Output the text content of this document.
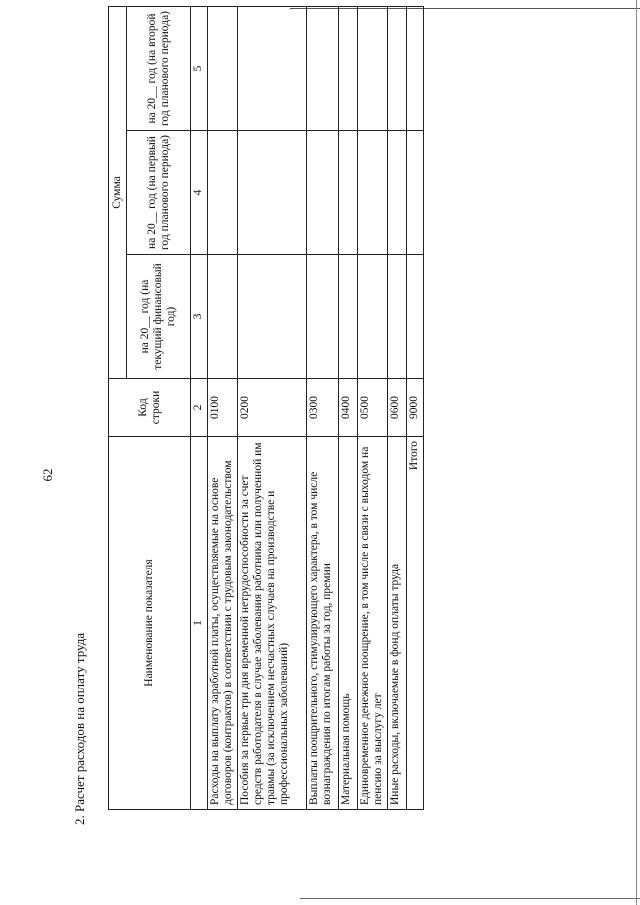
62
2. Расчет расходов на оплату труда
Наименование показателя	Код строки	Сумма		
		на 20__ год (на текущий финансовый год)	на 20__ год (на первый год планового периода)	на 20__ год (на второй год планового периода)
1	2	3	4	5
Расходы на выплату заработной платы, осуществляемые на основе договоров (контрактов) в соответствии с трудовым законодательством	0100			
Пособия за первые три дня временной нетрудоспособности за счет средств работодателя в случае заболевания работника или полученной им травмы (за исключением несчастных случаев на производстве и профессиональных заболеваний)	0200			
Выплаты поощрительного, стимулирующего характера, в том числе вознаграждения по итогам работы за год, премии	0300			
Материальная помощь	0400			
Единовременное денежное поощрение, в том числе в связи с выходом на пенсию за выслугу лет	0500			
Иные расходы, включаемые в фонд оплаты труда	0600			
Итого	9000			
